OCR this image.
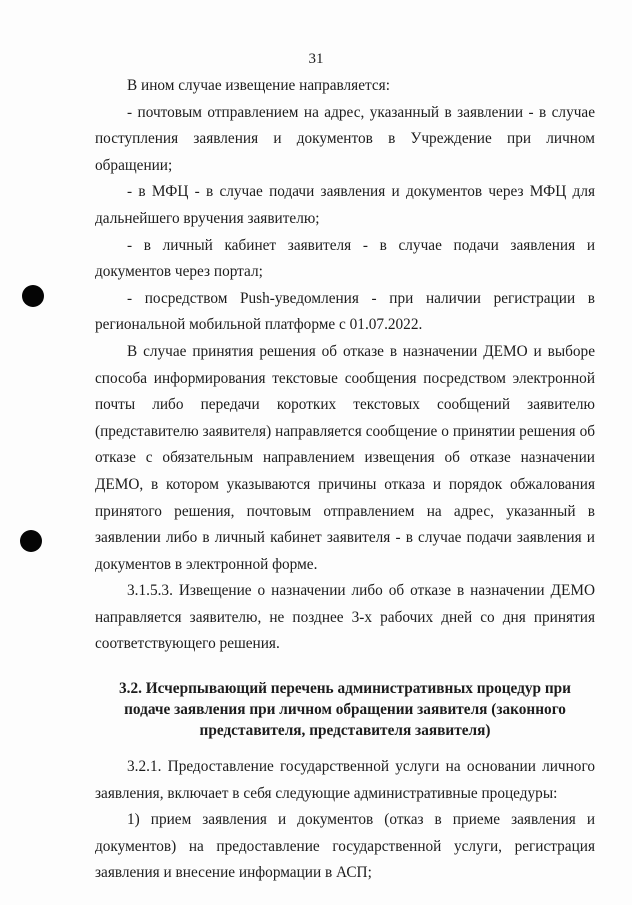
31

В ином случае извещение направляется:

- почтовым отправлением на адрес, указанный в заявлении - в случае поступления заявления и документов в Учреждение при личном обращении;

- в МФЦ - в случае подачи заявления и документов через МФЦ для дальнейшего вручения заявителю;

- в личный кабинет заявителя - в случае подачи заявления и документов через портал;

- посредством Push-уведомления - при наличии регистрации в региональной мобильной платформе с 01.07.2022.

В случае принятия решения об отказе в назначении ДЕМО и выборе способа информирования текстовые сообщения посредством электронной почты либо передачи коротких текстовых сообщений заявителю (представителю заявителя) направляется сообщение о принятии решения об отказе с обязательным направлением извещения об отказе назначении ДЕМО, в котором указываются причины отказа и порядок обжалования принятого решения, почтовым отправлением на адрес, указанный в заявлении либо в личный кабинет заявителя - в случае подачи заявления и документов в электронной форме.

3.1.5.3. Извещение о назначении либо об отказе в назначении ДЕМО направляется заявителю, не позднее 3-х рабочих дней со дня принятия соответствующего решения.

3.2. Исчерпывающий перечень административных процедур при подаче заявления при личном обращении заявителя (законного представителя, представителя заявителя)

3.2.1. Предоставление государственной услуги на основании личного заявления, включает в себя следующие административные процедуры:

1) прием заявления и документов (отказ в приеме заявления и документов) на предоставление государственной услуги, регистрация заявления и внесение информации в АСП;
